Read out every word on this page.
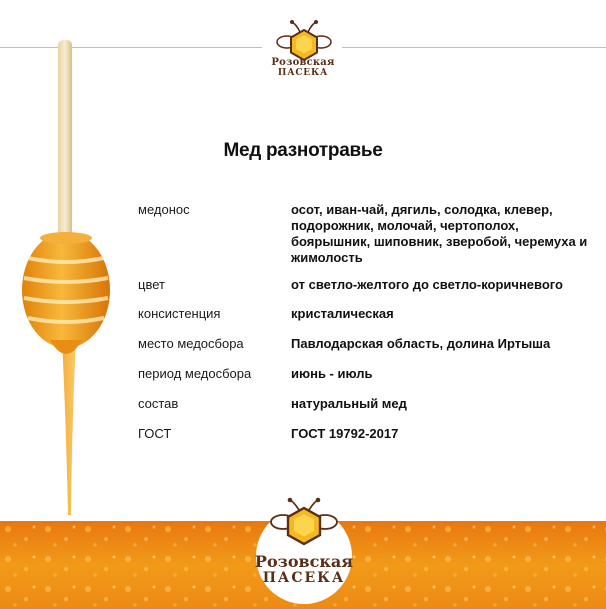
Розовская
ПАСЕКА
Мед разнотравье
медонос	осот, иван-чай, дягиль, солодка, клевер, подорожник, молочай, чертополох, боярышник, шиповник, зверобой, черемуха и жимолость
цвет	от светло-желтого до светло-коричневого
консистенция	кристалическая
место медосбора	Павлодарская область, долина Иртыша
период медосбора	июнь - июль
состав	натуральный мед
ГОСТ	ГОСТ 19792-2017
Розовская
ПАСЕКА
